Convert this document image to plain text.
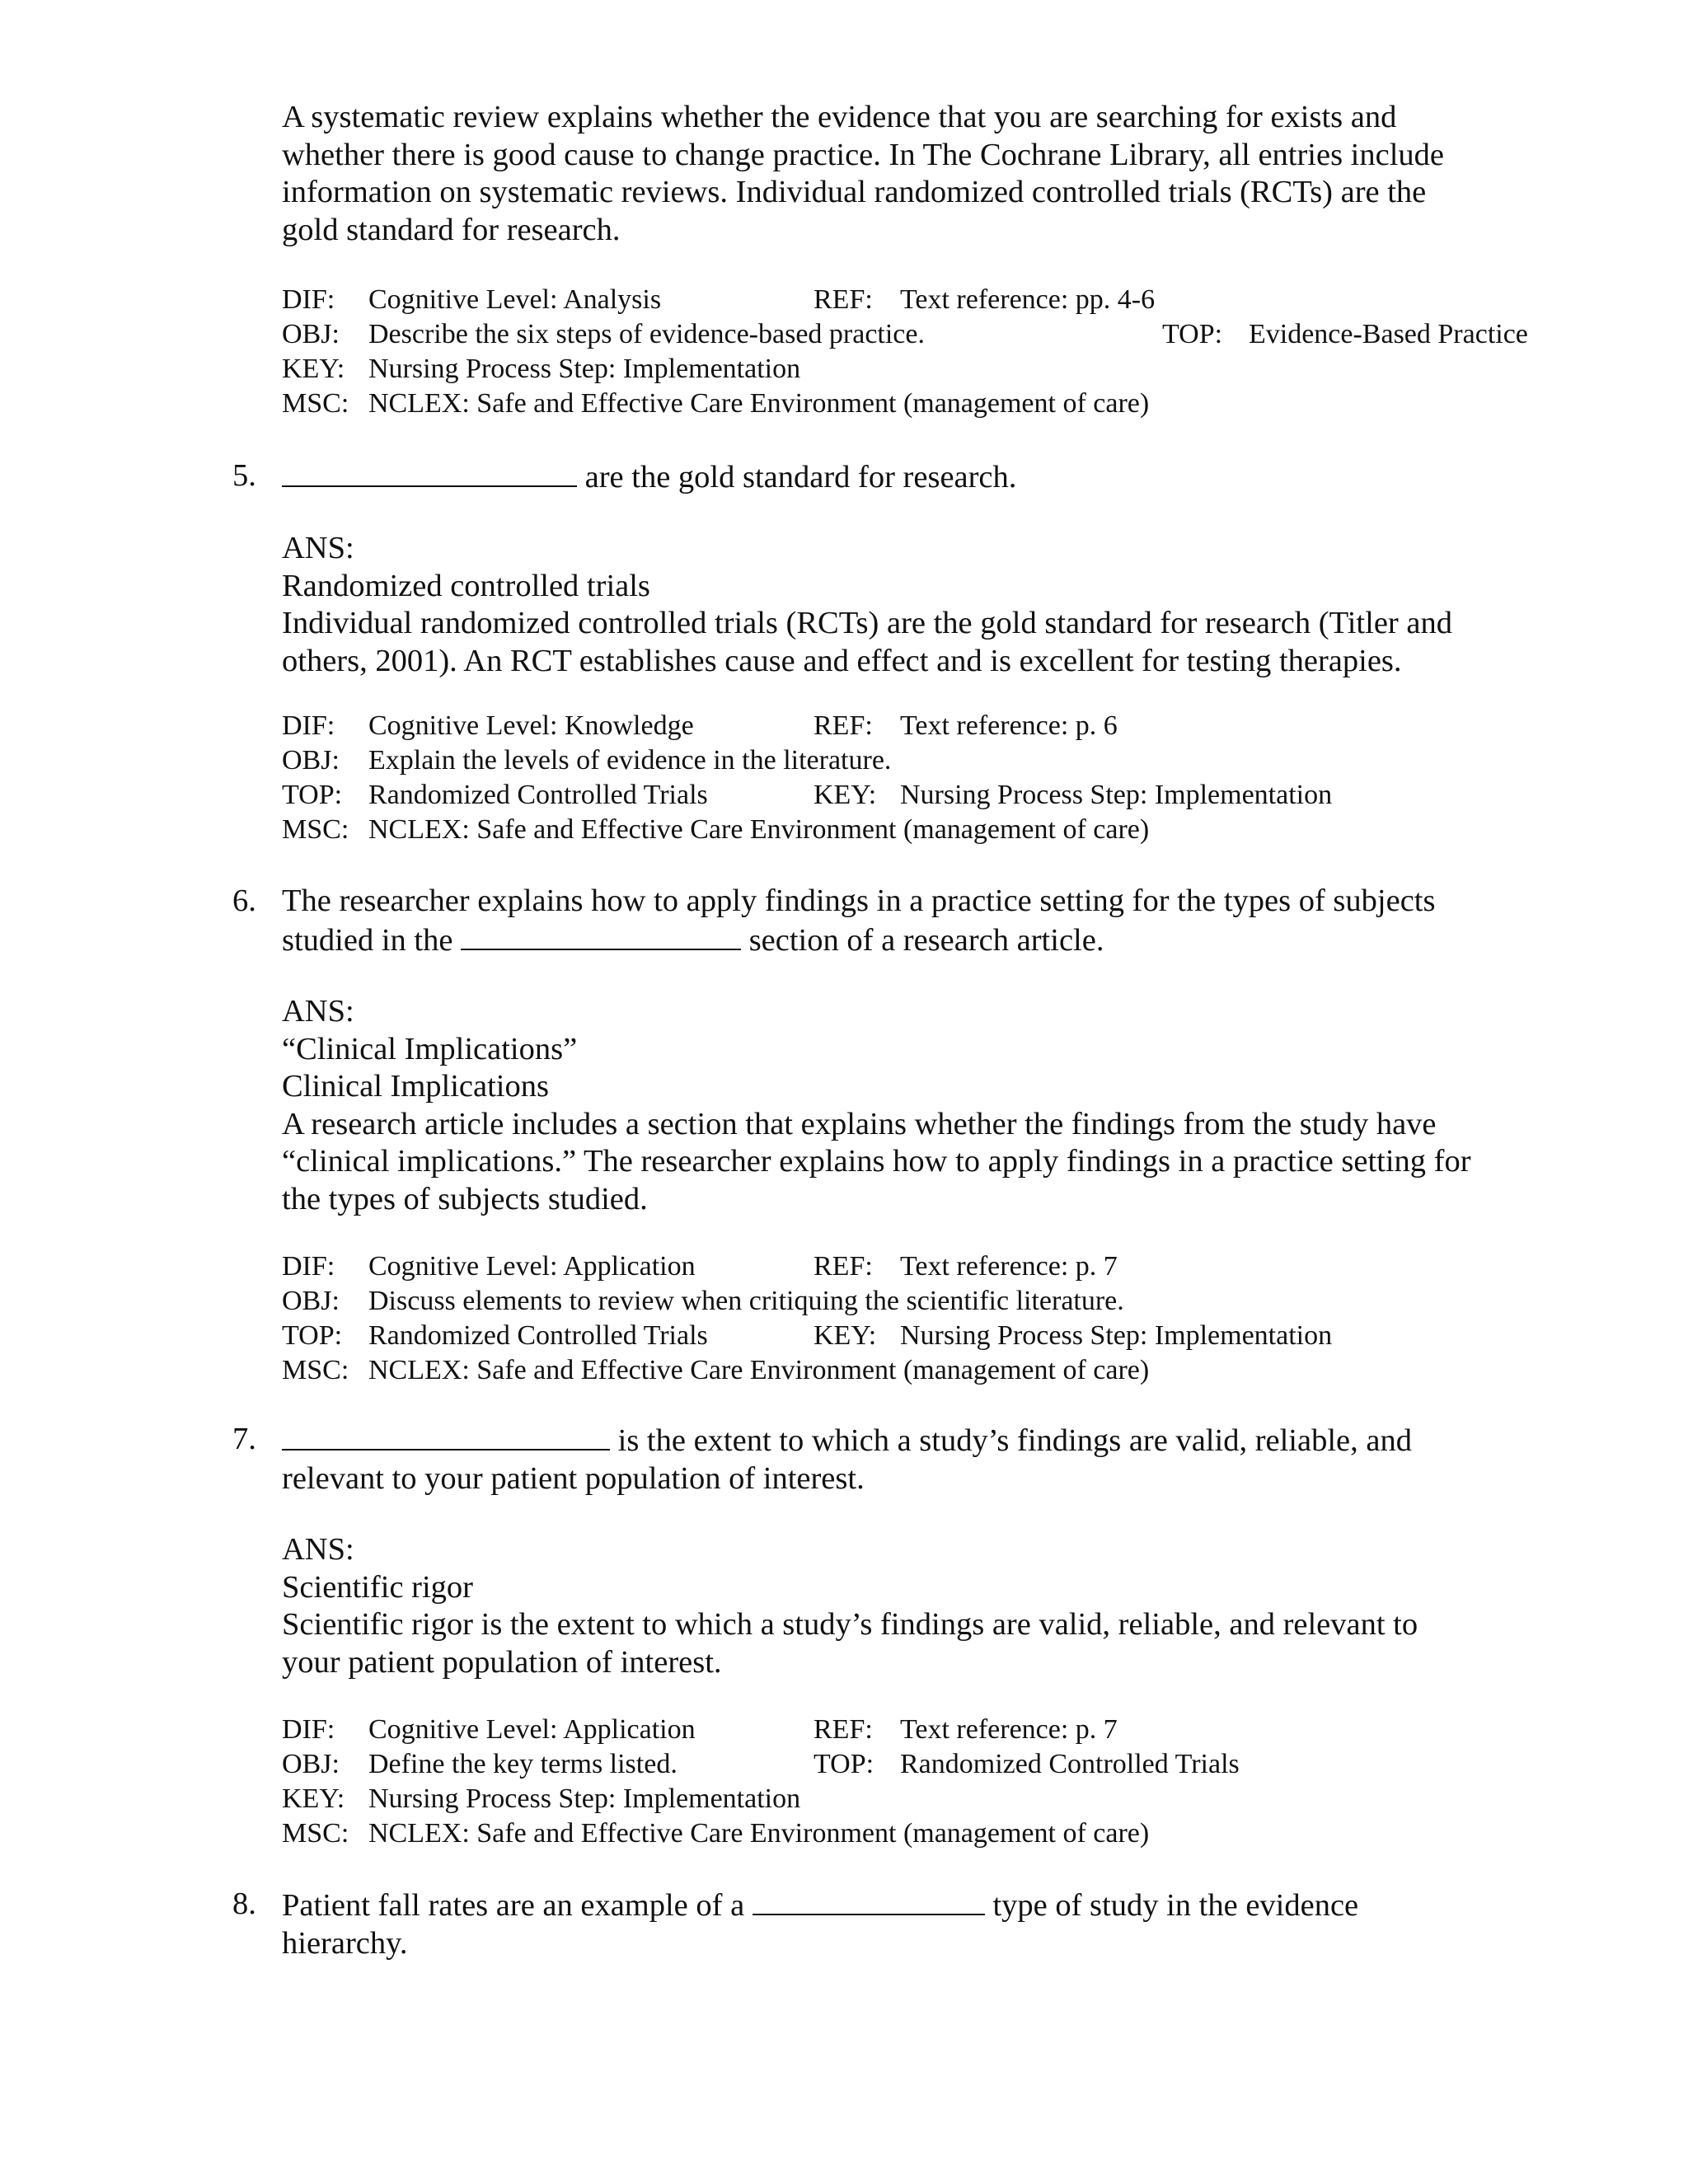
A systematic review explains whether the evidence that you are searching for exists and
whether there is good cause to change practice. In The Cochrane Library, all entries include
information on systematic reviews. Individual randomized controlled trials (RCTs) are the
gold standard for research.
DIF: Cognitive Level: Analysis	REF: Text reference: pp. 4-6
OBJ: Describe the six steps of evidence-based practice.	TOP: Evidence-Based Practice
KEY: Nursing Process Step: Implementation
MSC: NCLEX: Safe and Effective Care Environment (management of care)
5.	are the gold standard for research.
ANS:
Randomized controlled trials
Individual randomized controlled trials (RCTs) are the gold standard for research (Titler and
others, 2001). An RCT establishes cause and effect and is excellent for testing therapies.
DIF: Cognitive Level: Knowledge	REF: Text reference: p. 6
OBJ: Explain the levels of evidence in the literature.
TOP: Randomized Controlled Trials	KEY: Nursing Process Step: Implementation
MSC: NCLEX: Safe and Effective Care Environment (management of care)
6. The researcher explains how to apply findings in a practice setting for the types of subjects
studied in the	section of a research article.
ANS:
“Clinical Implications”
Clinical Implications
A research article includes a section that explains whether the findings from the study have
“clinical implications.” The researcher explains how to apply findings in a practice setting for
the types of subjects studied.
DIF: Cognitive Level: Application	REF: Text reference: p. 7
OBJ: Discuss elements to review when critiquing the scientific literature.
TOP: Randomized Controlled Trials	KEY: Nursing Process Step: Implementation
MSC: NCLEX: Safe and Effective Care Environment (management of care)
7.	is the extent to which a study’s findings are valid, reliable, and
relevant to your patient population of interest.
ANS:
Scientific rigor
Scientific rigor is the extent to which a study’s findings are valid, reliable, and relevant to
your patient population of interest.
DIF: Cognitive Level: Application	REF: Text reference: p. 7
OBJ: Define the key terms listed.	TOP: Randomized Controlled Trials
KEY: Nursing Process Step: Implementation
MSC: NCLEX: Safe and Effective Care Environment (management of care)
8. Patient fall rates are an example of a	type of study in the evidence
hierarchy.
